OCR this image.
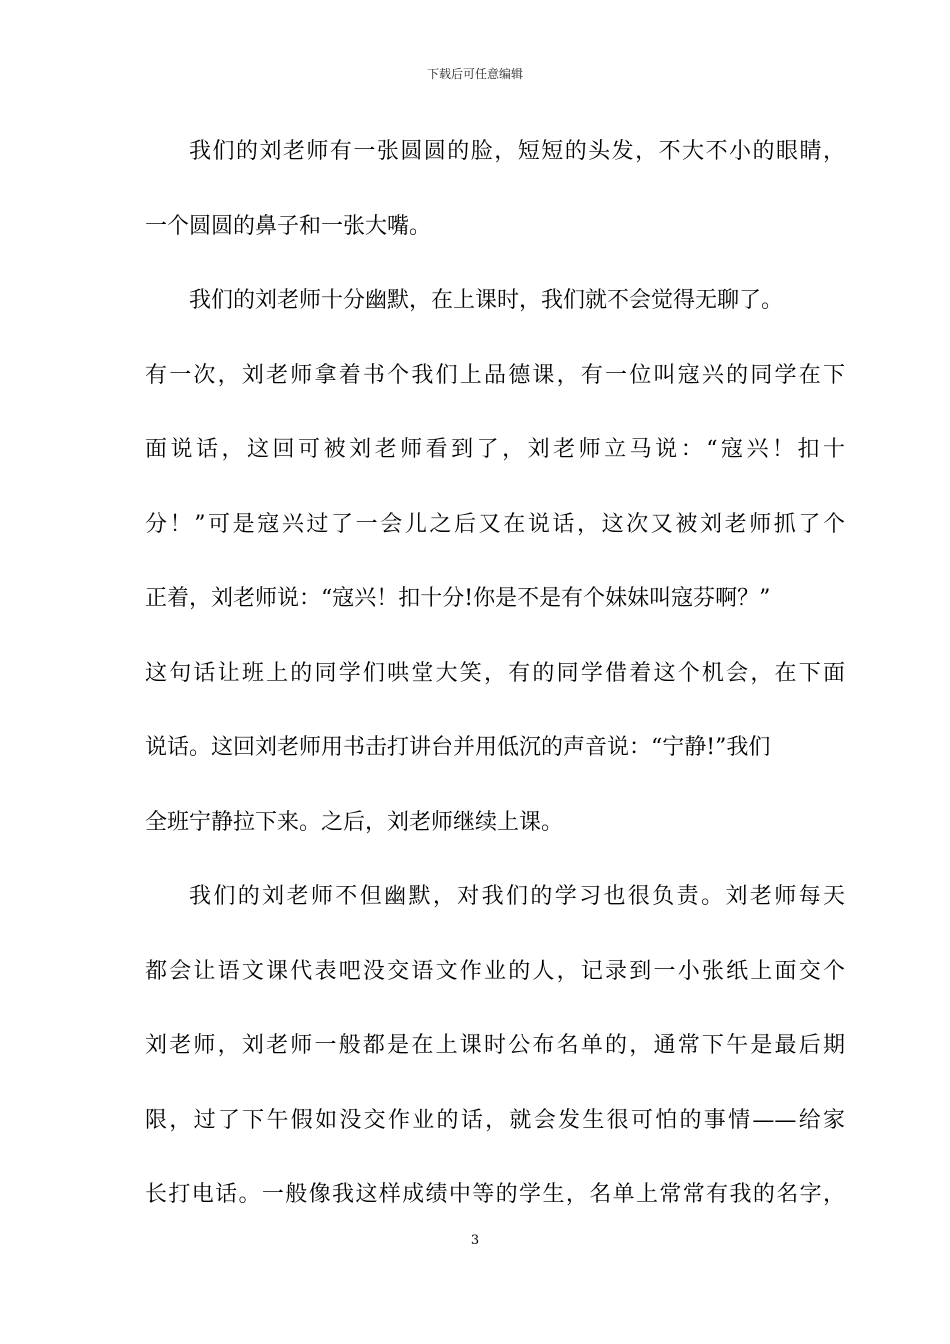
下载后可任意编辑
我们的刘老师有一张圆圆的脸，短短的头发，不大不小的眼睛，
一个圆圆的鼻子和一张大嘴。
我们的刘老师十分幽默，在上课时，我们就不会觉得无聊了。
有一次，刘老师拿着书个我们上品德课，有一位叫寇兴的同学在下
面说话，这回可被刘老师看到了，刘老师立马说：“寇兴！扣十
分！”可是寇兴过了一会儿之后又在说话，这次又被刘老师抓了个
正着，刘老师说：“寇兴！扣十分!你是不是有个妹妹叫寇芬啊？”
这句话让班上的同学们哄堂大笑，有的同学借着这个机会，在下面
说话。这回刘老师用书击打讲台并用低沉的声音说：“宁静!”我们
全班宁静拉下来。之后，刘老师继续上课。
我们的刘老师不但幽默，对我们的学习也很负责。刘老师每天
都会让语文课代表吧没交语文作业的人，记录到一小张纸上面交个
刘老师，刘老师一般都是在上课时公布名单的，通常下午是最后期
限，过了下午假如没交作业的话，就会发生很可怕的事情——给家
长打电话。一般像我这样成绩中等的学生，名单上常常有我的名字，
3
